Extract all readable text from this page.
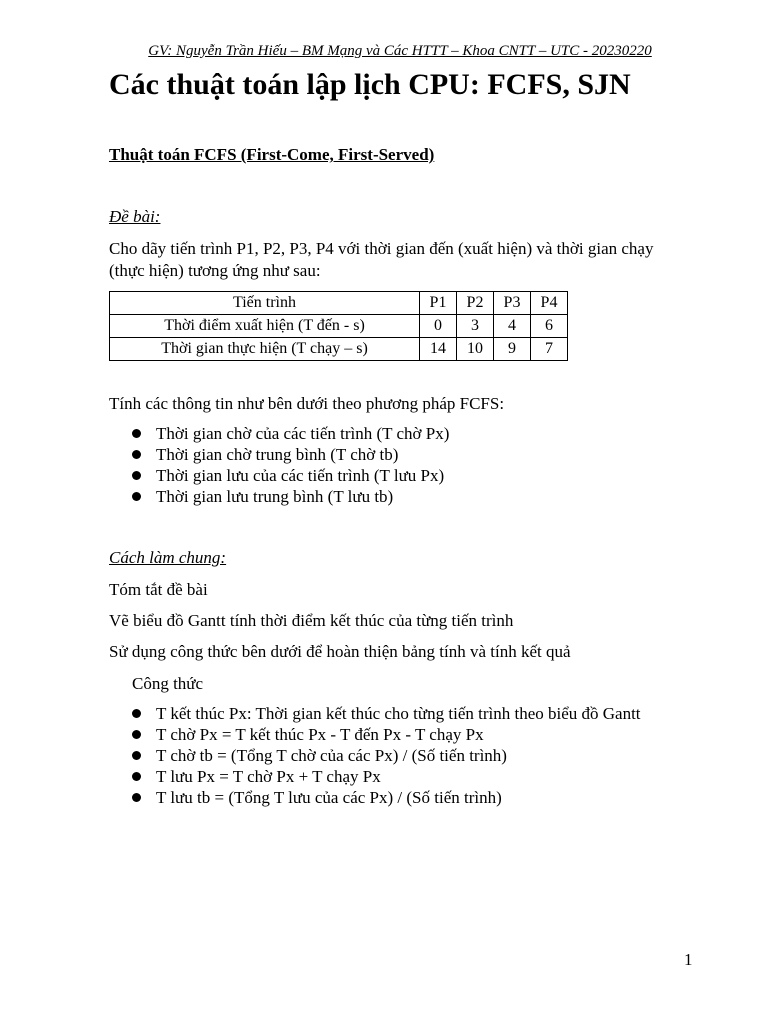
GV: Nguyễn Trần Hiếu – BM Mạng và Các HTTT – Khoa CNTT – UTC - 20230220
Các thuật toán lập lịch CPU: FCFS, SJN
Thuật toán FCFS (First-Come, First-Served)
Đề bài:
Cho dãy tiến trình P1, P2, P3, P4 với thời gian đến (xuất hiện) và thời gian chạy
(thực hiện) tương ứng như sau:
Tiến trình	P1	P2	P3	P4
Thời điểm xuất hiện (T đến - s)	0	3	4	6
Thời gian thực hiện (T chạy – s)	14	10	9	7
Tính các thông tin như bên dưới theo phương pháp FCFS:
Thời gian chờ của các tiến trình (T chờ Px)
Thời gian chờ trung bình (T chờ tb)
Thời gian lưu của các tiến trình (T lưu Px)
Thời gian lưu trung bình (T lưu tb)
Cách làm chung:
Tóm tắt đề bài
Vẽ biểu đồ Gantt tính thời điểm kết thúc của từng tiến trình
Sử dụng công thức bên dưới để hoàn thiện bảng tính và tính kết quả
Công thức
T kết thúc Px: Thời gian kết thúc cho từng tiến trình theo biểu đồ Gantt
T chờ Px = T kết thúc Px - T đến Px - T chạy Px
T chờ tb = (Tổng T chờ của các Px) / (Số tiến trình)
T lưu Px = T chờ Px + T chạy Px
T lưu tb = (Tổng T lưu của các Px) / (Số tiến trình)
1
